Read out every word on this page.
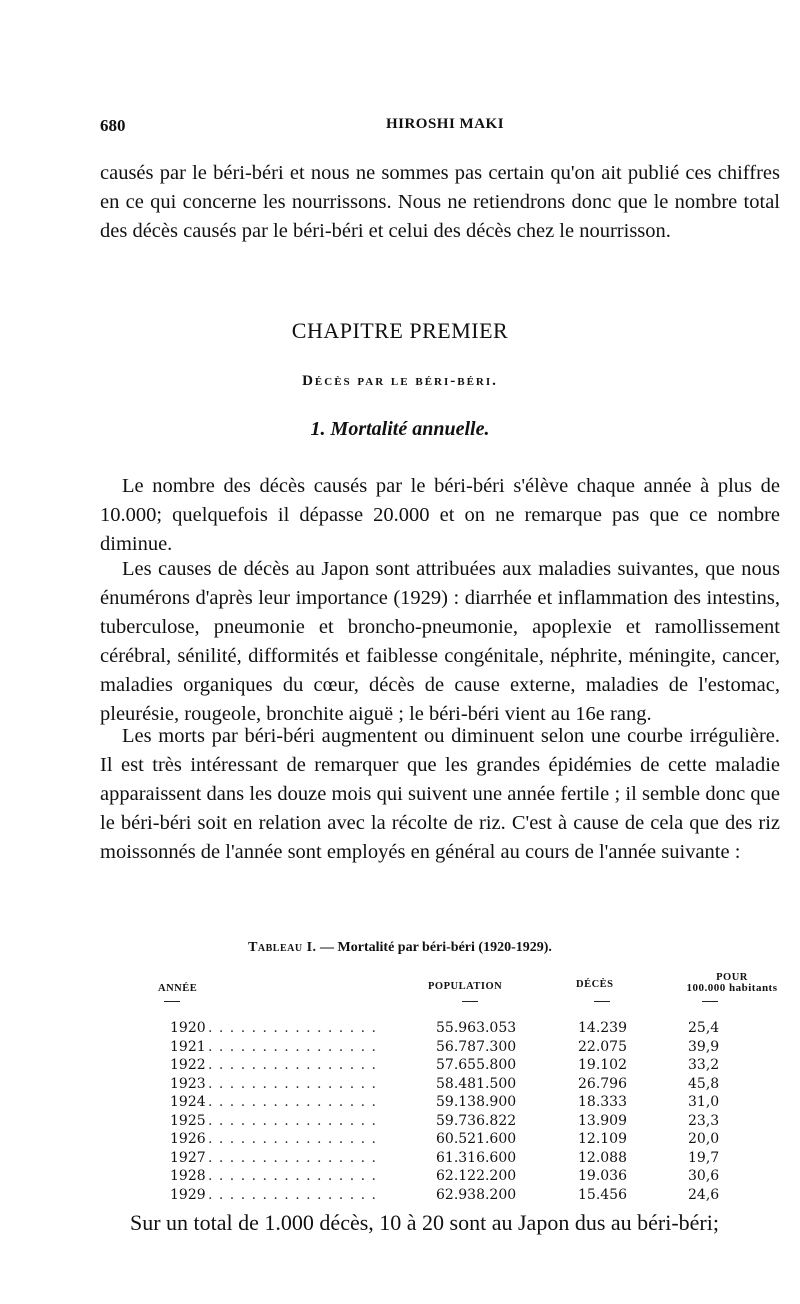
680	HIROSHI MAKI

causés par le béri-béri et nous ne sommes pas certain qu'on ait publié ces chiffres en ce qui concerne les nourrissons. Nous ne retiendrons donc que le nombre total des décès causés par le béri-béri et celui des décès chez le nourrisson.

CHAPITRE PREMIER
Décès par le béri-béri.
1. Mortalité annuelle.

Le nombre des décès causés par le béri-béri s'élève chaque année à plus de 10.000; quelquefois il dépasse 20.000 et on ne remarque pas que ce nombre diminue.

Les causes de décès au Japon sont attribuées aux maladies suivantes, que nous énumérons d'après leur importance (1929) : diarrhée et inflammation des intestins, tuberculose, pneumonie et broncho-pneumonie, apoplexie et ramollissement cérébral, sénilité, difformités et faiblesse congénitale, néphrite, méningite, cancer, maladies organiques du cœur, décès de cause externe, maladies de l'estomac, pleurésie, rougeole, bronchite aiguë ; le béri-béri vient au 16e rang.

Les morts par béri-béri augmentent ou diminuent selon une courbe irrégulière. Il est très intéressant de remarquer que les grandes épidémies de cette maladie apparaissent dans les douze mois qui suivent une année fertile ; il semble donc que le béri-béri soit en relation avec la récolte de riz. C'est à cause de cela que des riz moissonnés de l'année sont employés en général au cours de l'année suivante :

Tableau I. — Mortalité par béri-béri (1920-1929).
ANNÉE	POPULATION	DÉCÈS
POUR
100.000 habitants
1920 . . . . . . . . . . . . . . . .	55.963.053	14.239	25,4
1921 . . . . . . . . . . . . . . . .	56.787.300	22.075	39,9
1922 . . . . . . . . . . . . . . . .	57.655.800	19.102	33,2
1923 . . . . . . . . . . . . . . . .	58.481.500	26.796	45,8
1924 . . . . . . . . . . . . . . . .	59.138.900	18.333	31,0
1925 . . . . . . . . . . . . . . . .	59.736.822	13.909	23,3
1926 . . . . . . . . . . . . . . . .	60.521.600	12.109	20,0
1927 . . . . . . . . . . . . . . . .	61.316.600	12.088	19,7
1928 . . . . . . . . . . . . . . . .	62.122.200	19.036	30,6
1929 . . . . . . . . . . . . . . . .	62.938.200	15.456	24,6

Sur un total de 1.000 décès, 10 à 20 sont au Japon dus au béri-béri;
